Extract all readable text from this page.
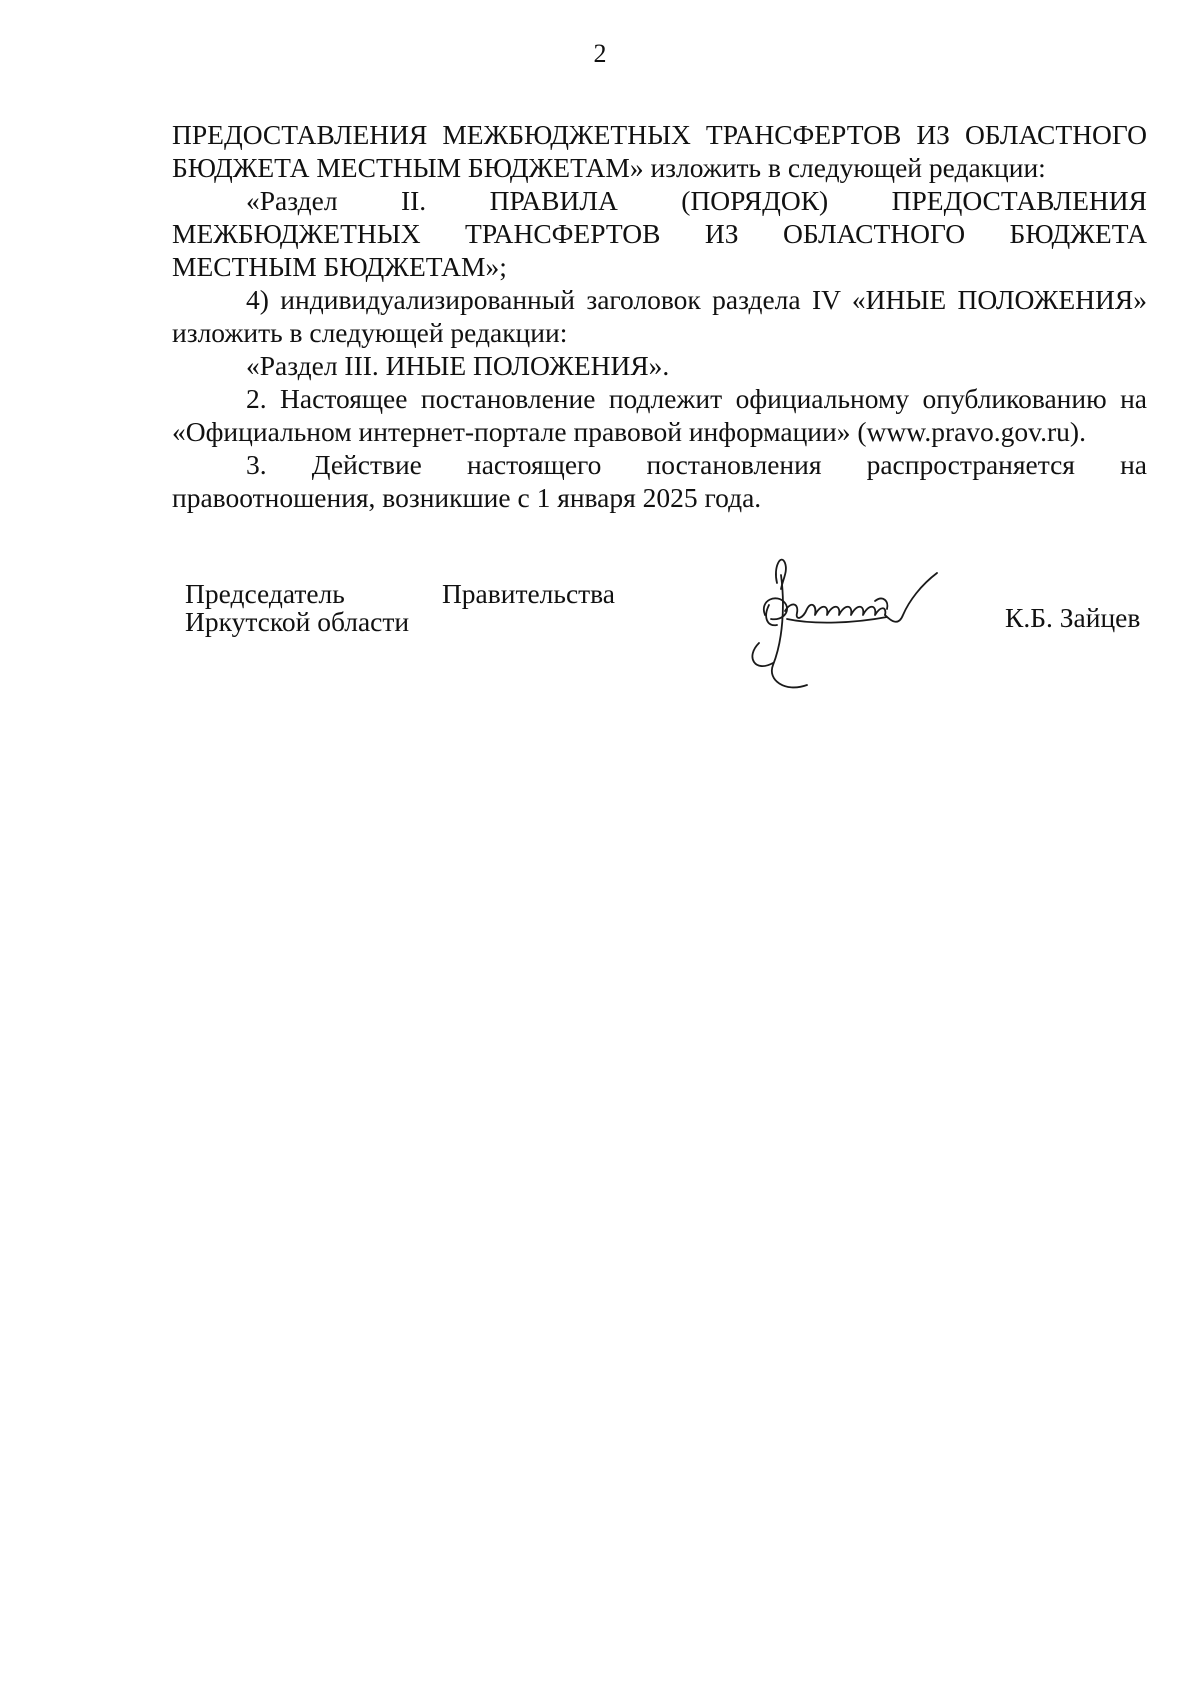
2

ПРЕДОСТАВЛЕНИЯ МЕЖБЮДЖЕТНЫХ ТРАНСФЕРТОВ ИЗ ОБЛАСТНОГО БЮДЖЕТА МЕСТНЫМ БЮДЖЕТАМ» изложить в следующей редакции:

«Раздел II. ПРАВИЛА (ПОРЯДОК) ПРЕДОСТАВЛЕНИЯ МЕЖБЮДЖЕТНЫХ ТРАНСФЕРТОВ ИЗ ОБЛАСТНОГО БЮДЖЕТА МЕСТНЫМ БЮДЖЕТАМ»;

4) индивидуализированный заголовок раздела IV «ИНЫЕ ПОЛОЖЕНИЯ» изложить в следующей редакции:

«Раздел III. ИНЫЕ ПОЛОЖЕНИЯ».

2. Настоящее постановление подлежит официальному опубликованию на «Официальном интернет-портале правовой информации» (www.pravo.gov.ru).

3. Действие настоящего постановления распространяется на правоотношения, возникшие с 1 января 2025 года.

Председатель	Правительства
Иркутской области	К.Б. Зайцев
